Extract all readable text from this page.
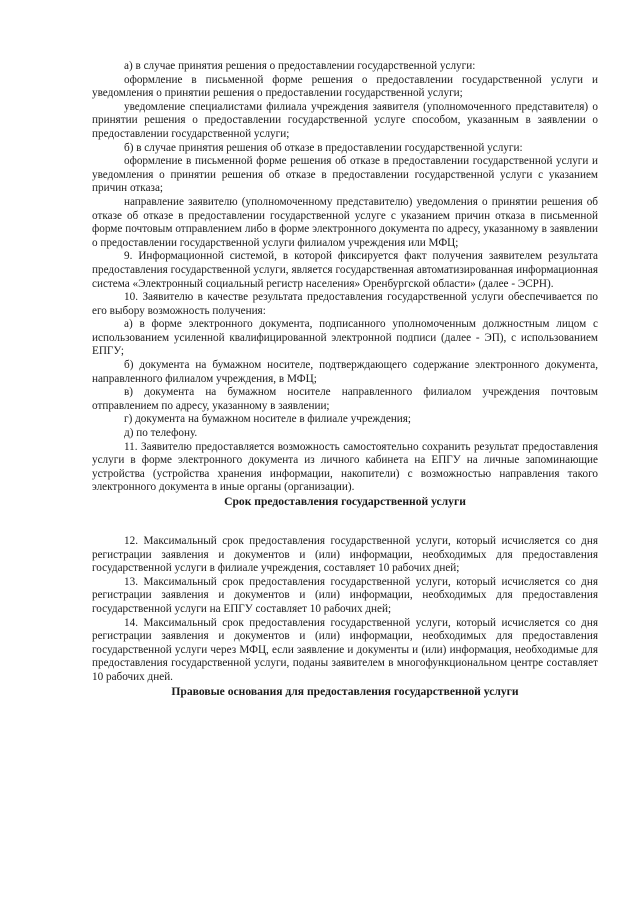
а) в случае принятия решения о предоставлении государственной услуги:

оформление в письменной форме решения о предоставлении государственной услуги и уведомления о принятии решения о предоставлении государственной услуги;

уведомление специалистами филиала учреждения заявителя (уполномоченного представителя) о принятии решения о предоставлении государственной услуге способом, указанным в заявлении о предоставлении государственной услуги;

б) в случае принятия решения об отказе в предоставлении государственной услуги:

оформление в письменной форме решения об отказе в предоставлении государственной услуги и уведомления о принятии решения об отказе в предоставлении государственной услуги с указанием причин отказа;

направление заявителю (уполномоченному представителю) уведомления о принятии решения об отказе об отказе в предоставлении государственной услуге с указанием причин отказа в письменной форме почтовым отправлением либо в форме электронного документа по адресу, указанному в заявлении о предоставлении государственной услуги филиалом учреждения или МФЦ;

9. Информационной системой, в которой фиксируется факт получения заявителем результата предоставления государственной услуги, является государственная автоматизированная информационная система «Электронный социальный регистр населения» Оренбургской области» (далее - ЭСРН).

10. Заявителю в качестве результата предоставления государственной услуги обеспечивается по его выбору возможность получения:

а) в форме электронного документа, подписанного уполномоченным должностным лицом с использованием усиленной квалифицированной электронной подписи (далее - ЭП), с использованием ЕПГУ;

б) документа на бумажном носителе, подтверждающего содержание электронного документа, направленного филиалом учреждения, в МФЦ;

в) документа на бумажном носителе направленного филиалом учреждения почтовым отправлением по адресу, указанному в заявлении;

г) документа на бумажном носителе в филиале учреждения;

д) по телефону.

11. Заявителю предоставляется возможность самостоятельно сохранить результат предоставления услуги в форме электронного документа из личного кабинета на ЕПГУ на личные запоминающие устройства (устройства хранения информации, накопители) с возможностью направления такого электронного документа в иные органы (организации).

Срок предоставления государственной услуги

12. Максимальный срок предоставления государственной услуги, который исчисляется со дня регистрации заявления и документов и (или) информации, необходимых для предоставления государственной услуги в филиале учреждения, составляет 10 рабочих дней;

13. Максимальный срок предоставления государственной услуги, который исчисляется со дня регистрации заявления и документов и (или) информации, необходимых для предоставления государственной услуги на ЕПГУ составляет 10 рабочих дней;

14. Максимальный срок предоставления государственной услуги, который исчисляется со дня регистрации заявления и документов и (или) информации, необходимых для предоставления государственной услуги через МФЦ, если заявление и документы и (или) информация, необходимые для предоставления государственной услуги, поданы заявителем в многофункциональном центре составляет 10 рабочих дней.

Правовые основания для предоставления государственной услуги
